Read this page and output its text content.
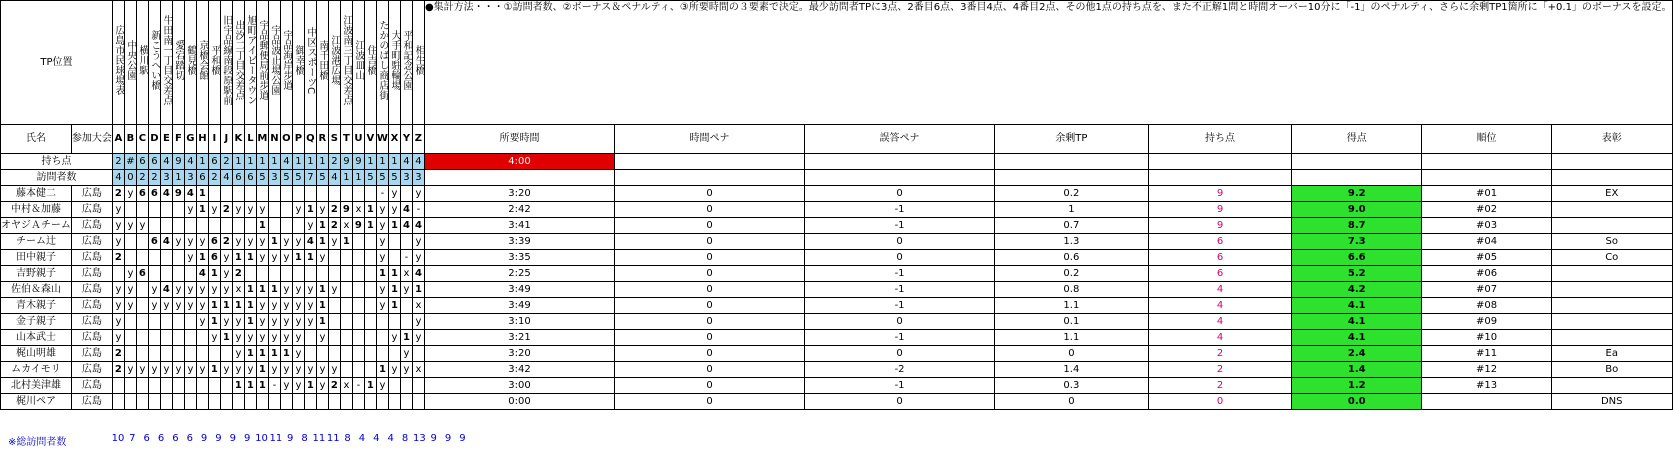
TP位置		広島市民球場表	中央公園	横川駅	新こうへい橋	牛田南一丁目交差点	愛宕踏切	鶴見橋	京橋会館	平和橋	旧宇品線南段原駅前	出汐二丁目交差点	旭町アイビータウン	宇品郵便局前歩道	宇品波止場公園	宇品海岸歩道	御幸橋	中区スポーツC	南千田橋	江波港広場	江波南三丁目交差点	江波皿山	住吉橋	たかのばし商店街	大手町駐輪場	平和記念公園	相生橋	●集計方法・・・①訪問者数、②ボーナス＆ペナルティ、③所要時間の３要素で決定。最少訪問者TPに3点、2番目6点、3番目4点、4番目2点、その他1点の持ち点を、また不正解1問と時間オーバー10分に「-1」のペナルティ、さらに余剰TP1箇所に「+0.1」のボーナスを設定。							
氏名	参加大会	A	B	C	D	E	F	G	H	I	J	K	L	M	N	O	P	Q	R	S	T	U	V	W	X	Y	Z	所要時間	時間ペナ	誤答ペナ	余剰TP	持ち点	得点	順位	表彰
持ち点		2	#	6	6	4	9	4	1	6	2	1	1	1	1	4	1	1	1	2	9	9	1	1	1	4	4	4:00							
訪問者数		4	0	2	2	3	1	3	6	2	4	6	6	5	3	5	5	7	5	4	1	1	5	5	5	3	3								
藤本健二	広島	2	y	6	6	4	9	4	1															-	y		y	3:20	0	0	0.2	9	9.2	#01	EX
中村＆加藤	広島	y						y	1	y	2	y	y	y			y	1	y	2	9	x	1	y	y	4	-	2:42	0	-1	1	9	9.0	#02	
オヤジＡチーム	広島	y	y	y										1				y	1	2	x	9	1	y	1	4	4	3:41	0	-1	0.7	9	8.7	#03	
チーム辻	広島	y			6	4	y	y	y	6	2	y	y	y	1	y	y	4	1	y	1			y			y	3:39	0	0	1.3	6	7.3	#04	So
田中親子	広島	2						y	1	6	y	1	1	y	y	y	1	1	y					y		-	y	3:35	0	0	0.6	6	6.6	#05	Co
吉野親子	広島		y	6					4	1	y	2												1	1	x	4	2:25	0	-1	0.2	6	5.2	#06	
佐伯＆森山	広島	y	y		y	4	y	y	y	y	y	x	1	1	1	y	y	y	1	y				y	1	y	1	3:49	0	-1	0.8	4	4.2	#07	
青木親子	広島	y	y		y	y	y	y	y	1	1	1	1	y	y	y	y	y	1					y	1		x	3:49	0	-1	1.1	4	4.1	#08	
金子親子	広島	y							y	1	y	y	1	y	y	y	y	y	1								y	3:10	0	0	0.1	4	4.1	#09	
山本武士	広島	y								y	1	y	y	y	y	y	y		y						y	1	y	3:21	0	-1	1.1	4	4.1	#10	
梶山明雄	広島	2										y	1	1	1	1	y									y		3:20	0	0	0	2	2.4	#11	Ea
ムカイモリ	広島	2	y	y	y	y	y	y	y	1	y	y	y	1	y	y	y	y	y	y				1	y	y	x	3:42	0	-2	1.4	2	1.4	#12	Bo
北村美津雄	広島											1	1	1	-	y	y	1	y	2	x	-	1	y				3:00	0	-1	0.3	2	1.2	#13	
梶川ペア	広島																											0:00	0	0	0	0	0.0		DNS
※総訪問者数	10 7 6 6 6 6 9 9 9 9 10 11 9 8 11 11 8 4 4 4 8 13 9 9 9
